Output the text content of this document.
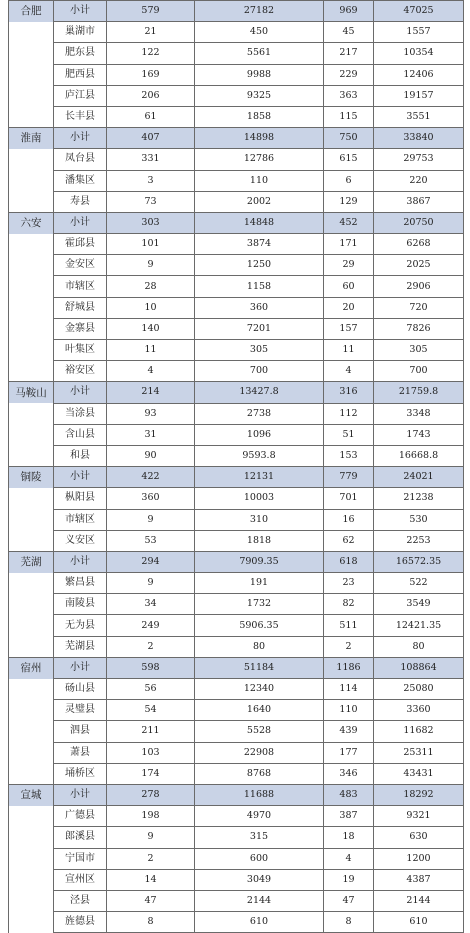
合肥	小计	579	27182	969	47025
	巢湖市	21	450	45	1557
	肥东县	122	5561	217	10354
	肥西县	169	9988	229	12406
	庐江县	206	9325	363	19157
	长丰县	61	1858	115	3551
淮南	小计	407	14898	750	33840
	凤台县	331	12786	615	29753
	潘集区	3	110	6	220
	寿县	73	2002	129	3867
六安	小计	303	14848	452	20750
	霍邱县	101	3874	171	6268
	金安区	9	1250	29	2025
	市辖区	28	1158	60	2906
	舒城县	10	360	20	720
	金寨县	140	7201	157	7826
	叶集区	11	305	11	305
	裕安区	4	700	4	700
马鞍山	小计	214	13427.8	316	21759.8
	当涂县	93	2738	112	3348
	含山县	31	1096	51	1743
	和县	90	9593.8	153	16668.8
铜陵	小计	422	12131	779	24021
	枞阳县	360	10003	701	21238
	市辖区	9	310	16	530
	义安区	53	1818	62	2253
芜湖	小计	294	7909.35	618	16572.35
	繁昌县	9	191	23	522
	南陵县	34	1732	82	3549
	无为县	249	5906.35	511	12421.35
	芜湖县	2	80	2	80
宿州	小计	598	51184	1186	108864
	砀山县	56	12340	114	25080
	灵璧县	54	1640	110	3360
	泗县	211	5528	439	11682
	萧县	103	22908	177	25311
	埇桥区	174	8768	346	43431
宣城	小计	278	11688	483	18292
	广德县	198	4970	387	9321
	郎溪县	9	315	18	630
	宁国市	2	600	4	1200
	宣州区	14	3049	19	4387
	泾县	47	2144	47	2144
	旌德县	8	610	8	610
